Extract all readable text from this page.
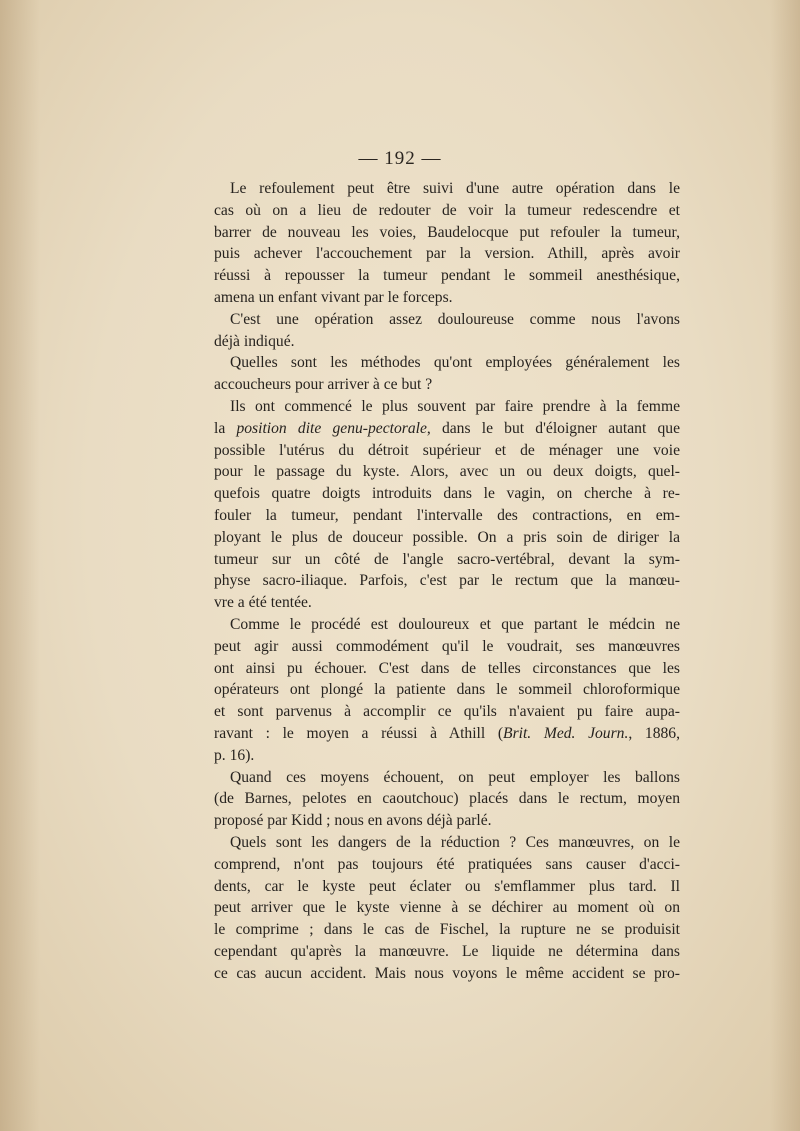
— 192 —
Le refoulement peut être suivi d'une autre opération dans le
cas où on a lieu de redouter de voir la tumeur redescendre et
barrer de nouveau les voies, Baudelocque put refouler la tumeur,
puis achever l'accouchement par la version. Athill, après avoir
réussi à repousser la tumeur pendant le sommeil anesthésique,
amena un enfant vivant par le forceps.
C'est une opération assez douloureuse comme nous l'avons
déjà indiqué.
Quelles sont les méthodes qu'ont employées généralement les
accoucheurs pour arriver à ce but ?
Ils ont commencé le plus souvent par faire prendre à la femme
la position dite genu-pectorale, dans le but d'éloigner autant que
possible l'utérus du détroit supérieur et de ménager une voie
pour le passage du kyste. Alors, avec un ou deux doigts, quel-
quefois quatre doigts introduits dans le vagin, on cherche à re-
fouler la tumeur, pendant l'intervalle des contractions, en em-
ployant le plus de douceur possible. On a pris soin de diriger la
tumeur sur un côté de l'angle sacro-vertébral, devant la sym-
physe sacro-iliaque. Parfois, c'est par le rectum que la manœu-
vre a été tentée.
Comme le procédé est douloureux et que partant le médcin ne
peut agir aussi commodément qu'il le voudrait, ses manœuvres
ont ainsi pu échouer. C'est dans de telles circonstances que les
opérateurs ont plongé la patiente dans le sommeil chloroformique
et sont parvenus à accomplir ce qu'ils n'avaient pu faire aupa-
ravant : le moyen a réussi à Athill (Brit. Med. Journ., 1886,
p. 16).
Quand ces moyens échouent, on peut employer les ballons
(de Barnes, pelotes en caoutchouc) placés dans le rectum, moyen
proposé par Kidd ; nous en avons déjà parlé.
Quels sont les dangers de la réduction ? Ces manœuvres, on le
comprend, n'ont pas toujours été pratiquées sans causer d'acci-
dents, car le kyste peut éclater ou s'emflammer plus tard. Il
peut arriver que le kyste vienne à se déchirer au moment où on
le comprime ; dans le cas de Fischel, la rupture ne se produisit
cependant qu'après la manœuvre. Le liquide ne détermina dans
ce cas aucun accident. Mais nous voyons le même accident se pro-
